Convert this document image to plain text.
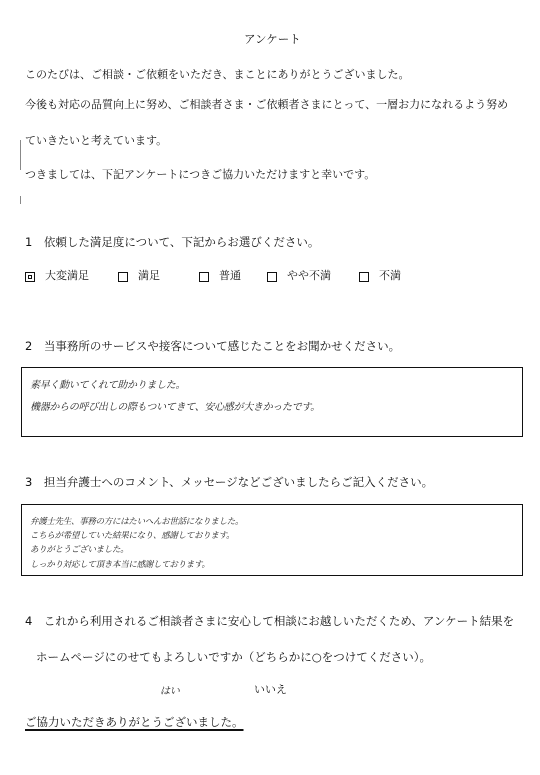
アンケート
このたびは、ご相談・ご依頼をいただき、まことにありがとうございました。
今後も対応の品質向上に努め、ご相談者さま・ご依頼者さまにとって、一層お力になれるよう努め
ていきたいと考えています。
つきましては、下記アンケートにつきご協力いただけますと幸いです。
1　依頼した満足度について、下記からお選びください。
大変満足	満足	普通	やや不満	不満
2　当事務所のサービスや接客について感じたことをお聞かせください。
素早く動いてくれて助かりました。
機器からの呼び出しの際もついてきて、安心感が大きかったです。
3　担当弁護士へのコメント、メッセージなどございましたらご記入ください。
弁護士先生、事務の方にはたいへんお世話になりました。
こちらが希望していた結果になり、感謝しております。
ありがとうございました。
しっかり対応して頂き本当に感謝しております。
4　これから利用されるご相談者さまに安心して相談にお越しいただくため、アンケート結果を
ホームページにのせてもよろしいですか（どちらかに○をつけてください）。
はい	いいえ
ご協力いただきありがとうございました。
